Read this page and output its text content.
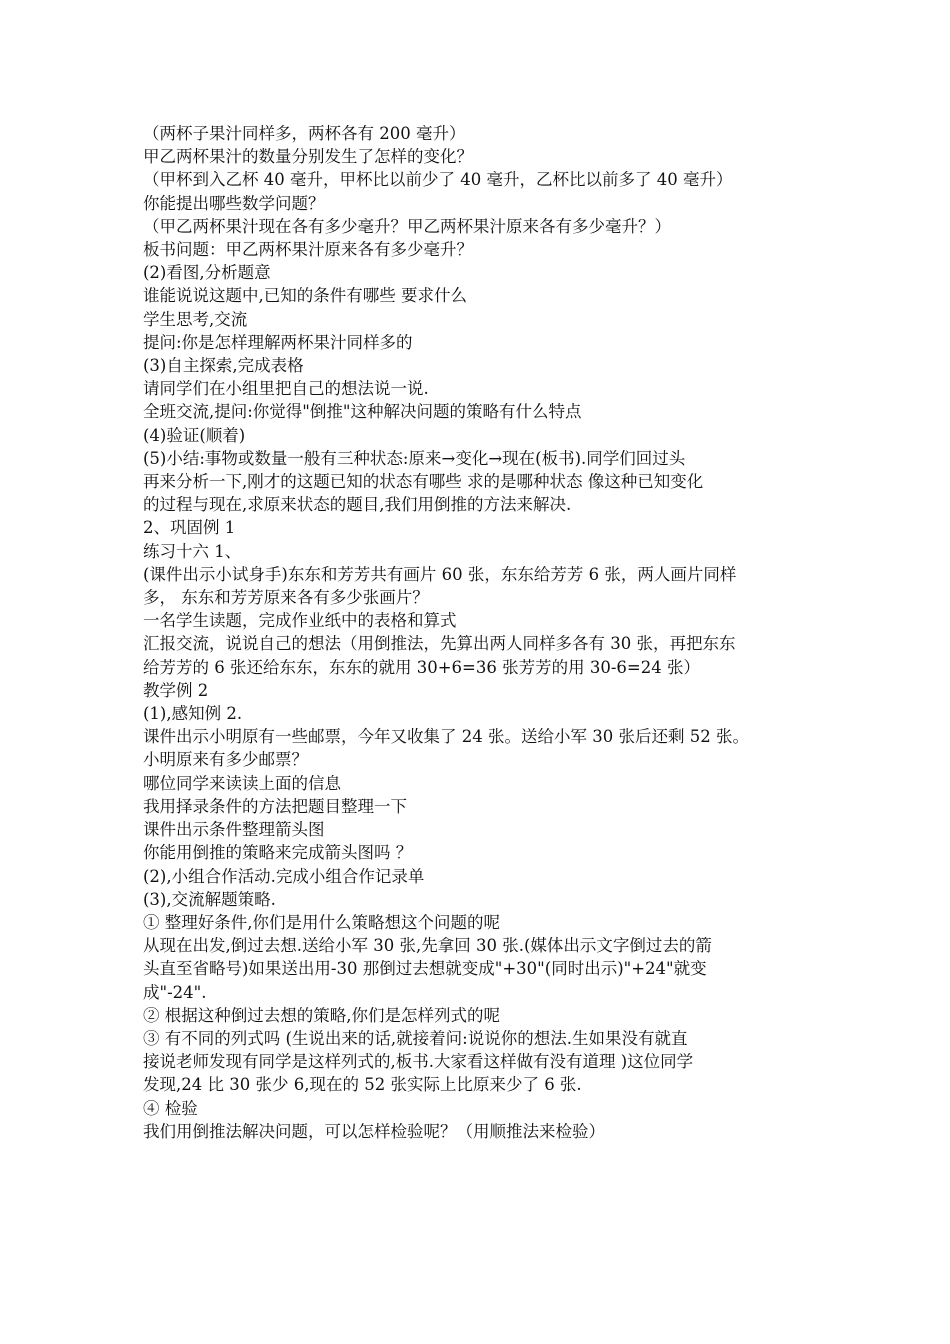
（两杯子果汁同样多，两杯各有 200 毫升）
甲乙两杯果汁的数量分别发生了怎样的变化？
（甲杯到入乙杯 40 毫升，甲杯比以前少了 40 毫升，乙杯比以前多了 40 毫升）
你能提出哪些数学问题？
（甲乙两杯果汁现在各有多少毫升？甲乙两杯果汁原来各有多少毫升？）
板书问题：甲乙两杯果汁原来各有多少毫升？
(2)看图,分析题意
谁能说说这题中,已知的条件有哪些 要求什么
学生思考,交流
提问:你是怎样理解两杯果汁同样多的
(3)自主探索,完成表格
请同学们在小组里把自己的想法说一说.
全班交流,提问:你觉得"倒推"这种解决问题的策略有什么特点
(4)验证(顺着)
(5)小结:事物或数量一般有三种状态:原来→变化→现在(板书).同学们回过头
再来分析一下,刚才的这题已知的状态有哪些 求的是哪种状态 像这种已知变化
的过程与现在,求原来状态的题目,我们用倒推的方法来解决.
2、巩固例 1
练习十六 1、
(课件出示小试身手)东东和芳芳共有画片 60 张，东东给芳芳 6 张，两人画片同样
多， 东东和芳芳原来各有多少张画片？
一名学生读题，完成作业纸中的表格和算式
汇报交流，说说自己的想法（用倒推法，先算出两人同样多各有 30 张，再把东东
给芳芳的 6 张还给东东，东东的就用 30+6=36 张芳芳的用 30-6=24 张）
教学例 2
(1),感知例 2.
课件出示小明原有一些邮票，今年又收集了 24 张。送给小军 30 张后还剩 52 张。
小明原来有多少邮票？
哪位同学来读读上面的信息
我用择录条件的方法把题目整理一下
课件出示条件整理箭头图
你能用倒推的策略来完成箭头图吗 ？
(2),小组合作活动.完成小组合作记录单
(3),交流解题策略.
① 整理好条件,你们是用什么策略想这个问题的呢
从现在出发,倒过去想.送给小军 30 张,先拿回 30 张.(媒体出示文字倒过去的箭
头直至省略号)如果送出用-30 那倒过去想就变成"+30"(同时出示)"+24"就变
成"-24".
② 根据这种倒过去想的策略,你们是怎样列式的呢
③ 有不同的列式吗 (生说出来的话,就接着问:说说你的想法.生如果没有就直
接说老师发现有同学是这样列式的,板书.大家看这样做有没有道理 )这位同学
发现,24 比 30 张少 6,现在的 52 张实际上比原来少了 6 张.
④ 检验
我们用倒推法解决问题，可以怎样检验呢？（用顺推法来检验）
